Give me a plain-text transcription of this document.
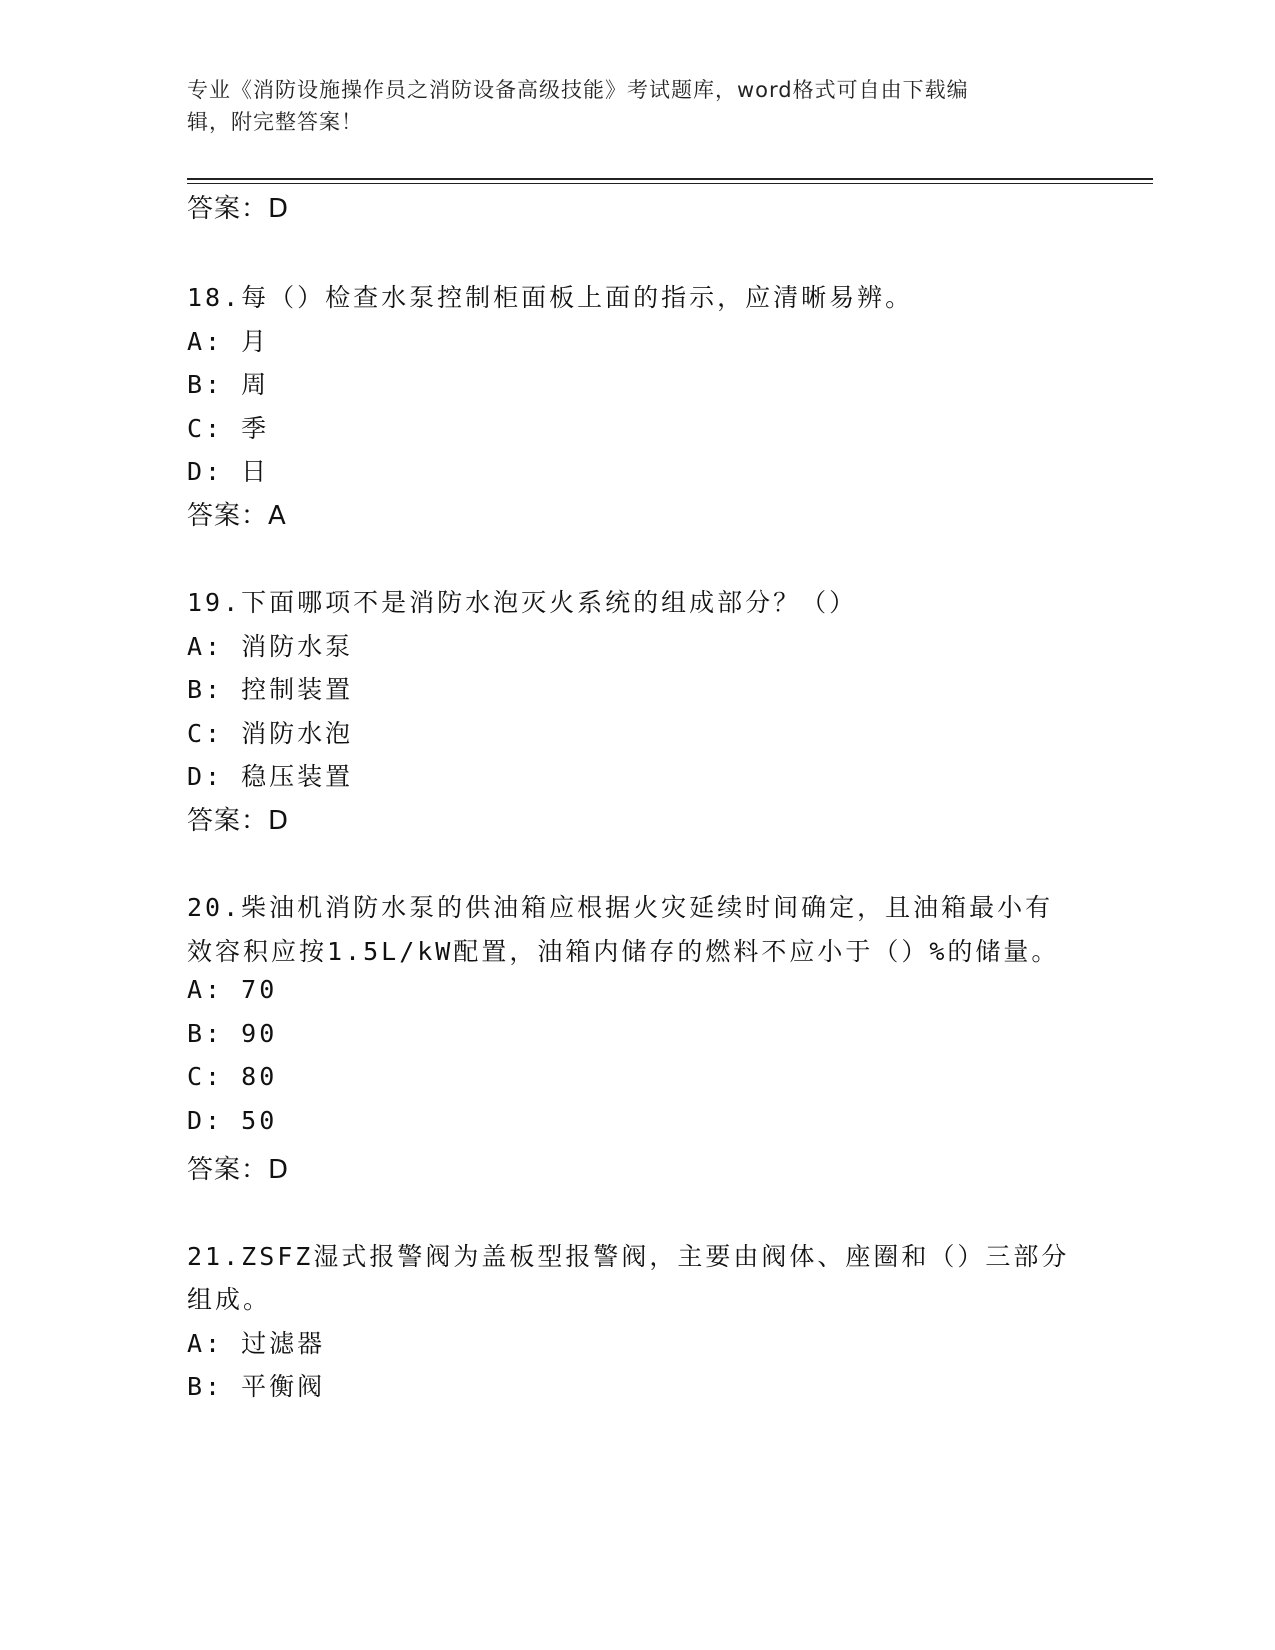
专业《消防设施操作员之消防设备高级技能》考试题库，word格式可自由下载编
辑，附完整答案！
答案：D
18.每（）检查水泵控制柜面板上面的指示，应清晰易辨。
A: 月
B: 周
C: 季
D: 日
答案：A
19.下面哪项不是消防水泡灭火系统的组成部分？（）
A: 消防水泵
B: 控制装置
C: 消防水泡
D: 稳压装置
答案：D
20.柴油机消防水泵的供油箱应根据火灾延续时间确定，且油箱最小有
效容积应按1.5L/kW配置，油箱内储存的燃料不应小于（）%的储量。
A: 70
B: 90
C: 80
D: 50
答案：D
21.ZSFZ湿式报警阀为盖板型报警阀，主要由阀体、座圈和（）三部分
组成。
A: 过滤器
B: 平衡阀
